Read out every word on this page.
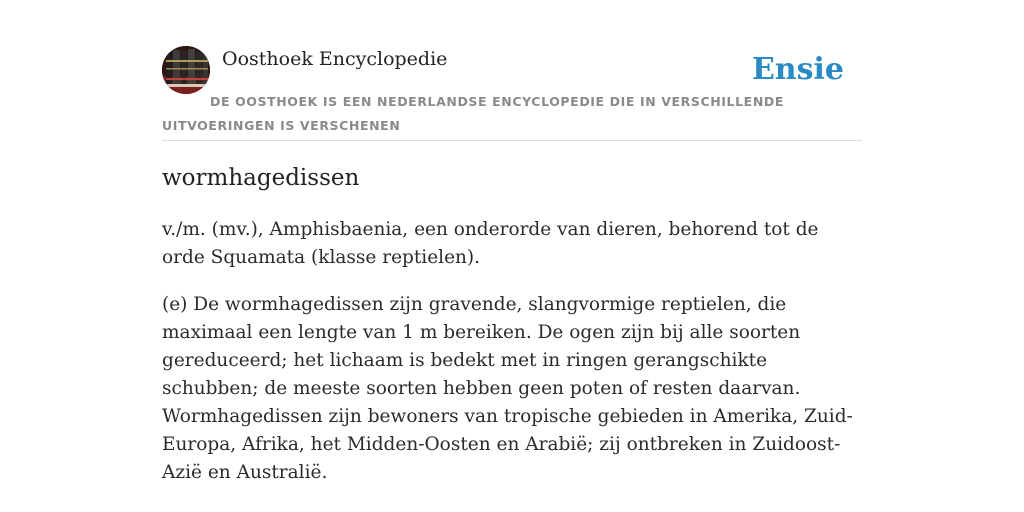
Oosthoek Encyclopedie	Ensie

DE OOSTHOEK IS EEN NEDERLANDSE ENCYCLOPEDIE DIE IN VERSCHILLENDE UITVOERINGEN IS VERSCHENEN

wormhagedissen

v./m. (mv.), Amphisbaenia, een onderorde van dieren, behorend tot de orde Squamata (klasse reptielen).

(e) De wormhagedissen zijn gravende, slangvormige reptielen, die maximaal een lengte van 1 m bereiken. De ogen zijn bij alle soorten gereduceerd; het lichaam is bedekt met in ringen gerangschikte schubben; de meeste soorten hebben geen poten of resten daarvan. Wormhagedissen zijn bewoners van tropische gebieden in Amerika, Zuid-Europa, Afrika, het Midden-Oosten en Arabië; zij ontbreken in Zuidoost-Azië en Australië.
